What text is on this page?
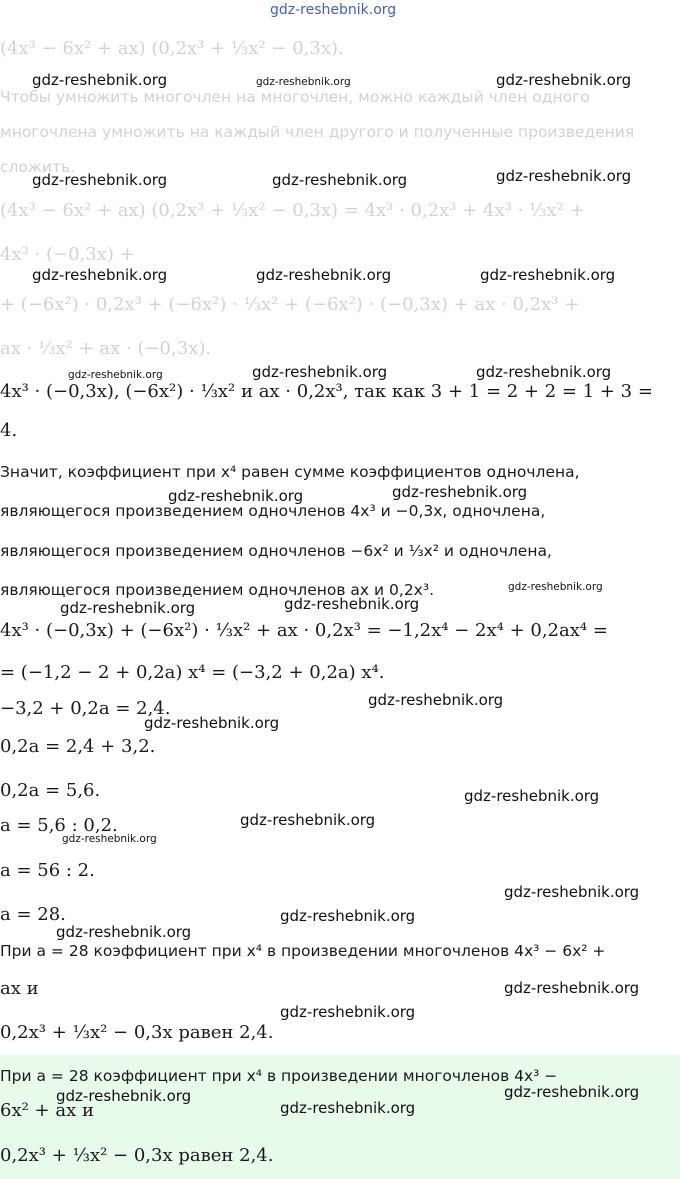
gdz-reshebnik.org
(4x³ − 6x² + ax) (0,2x³ + ⅓x² − 0,3x).
Чтобы умножить многочлен на многочлен, можно каждый член одного
многочлена умножить на каждый член другого и полученные произведения
сложить.
(4x³ − 6x² + ax) (0,2x³ + ⅓x² − 0,3x) = 4x³ · 0,2x³ + 4x³ · ⅓x² +
4x³ · (−0,3x) +
+ (−6x²) · 0,2x³ + (−6x²) · ⅓x² + (−6x²) · (−0,3x) + ax · 0,2x³ +
ax · ⅓x² + ax · (−0,3x).
4x³ · (−0,3x), (−6x²) · ⅓x² и ax · 0,2x³, так как 3 + 1 = 2 + 2 = 1 + 3 =
4.
Значит, коэффициент при x⁴ равен сумме коэффициентов одночлена,
являющегося произведением одночленов 4x³ и −0,3x, одночлена,
являющегося произведением одночленов −6x² и ⅓x² и одночлена,
являющегося произведением одночленов ax и 0,2x³.
4x³ · (−0,3x) + (−6x²) · ⅓x² + ax · 0,2x³ = −1,2x⁴ − 2x⁴ + 0,2ax⁴ =
= (−1,2 − 2 + 0,2a) x⁴ = (−3,2 + 0,2a) x⁴.
−3,2 + 0,2a = 2,4.
0,2a = 2,4 + 3,2.
0,2a = 5,6.
a = 5,6 : 0,2.
a = 56 : 2.
a = 28.
При a = 28 коэффициент при x⁴ в произведении многочленов 4x³ − 6x² +
ax и
0,2x³ + ⅓x² − 0,3x равен 2,4.
При a = 28 коэффициент при x⁴ в произведении многочленов 4x³ −
6x² + ax и
0,2x³ + ⅓x² − 0,3x равен 2,4.
gdz-reshebnik.org	gdz-reshebnik.org	gdz-reshebnik.org
gdz-reshebnik.org	gdz-reshebnik.org	gdz-reshebnik.org
gdz-reshebnik.org	gdz-reshebnik.org	gdz-reshebnik.org
gdz-reshebnik.org	gdz-reshebnik.org	gdz-reshebnik.org
gdz-reshebnik.org	gdz-reshebnik.org
gdz-reshebnik.org
gdz-reshebnik.org	gdz-reshebnik.org
gdz-reshebnik.org
gdz-reshebnik.org
gdz-reshebnik.org
gdz-reshebnik.org
gdz-reshebnik.org
gdz-reshebnik.org
gdz-reshebnik.org
gdz-reshebnik.org
gdz-reshebnik.org
gdz-reshebnik.org
gdz-reshebnik.org
gdz-reshebnik.org
gdz-reshebnik.org
